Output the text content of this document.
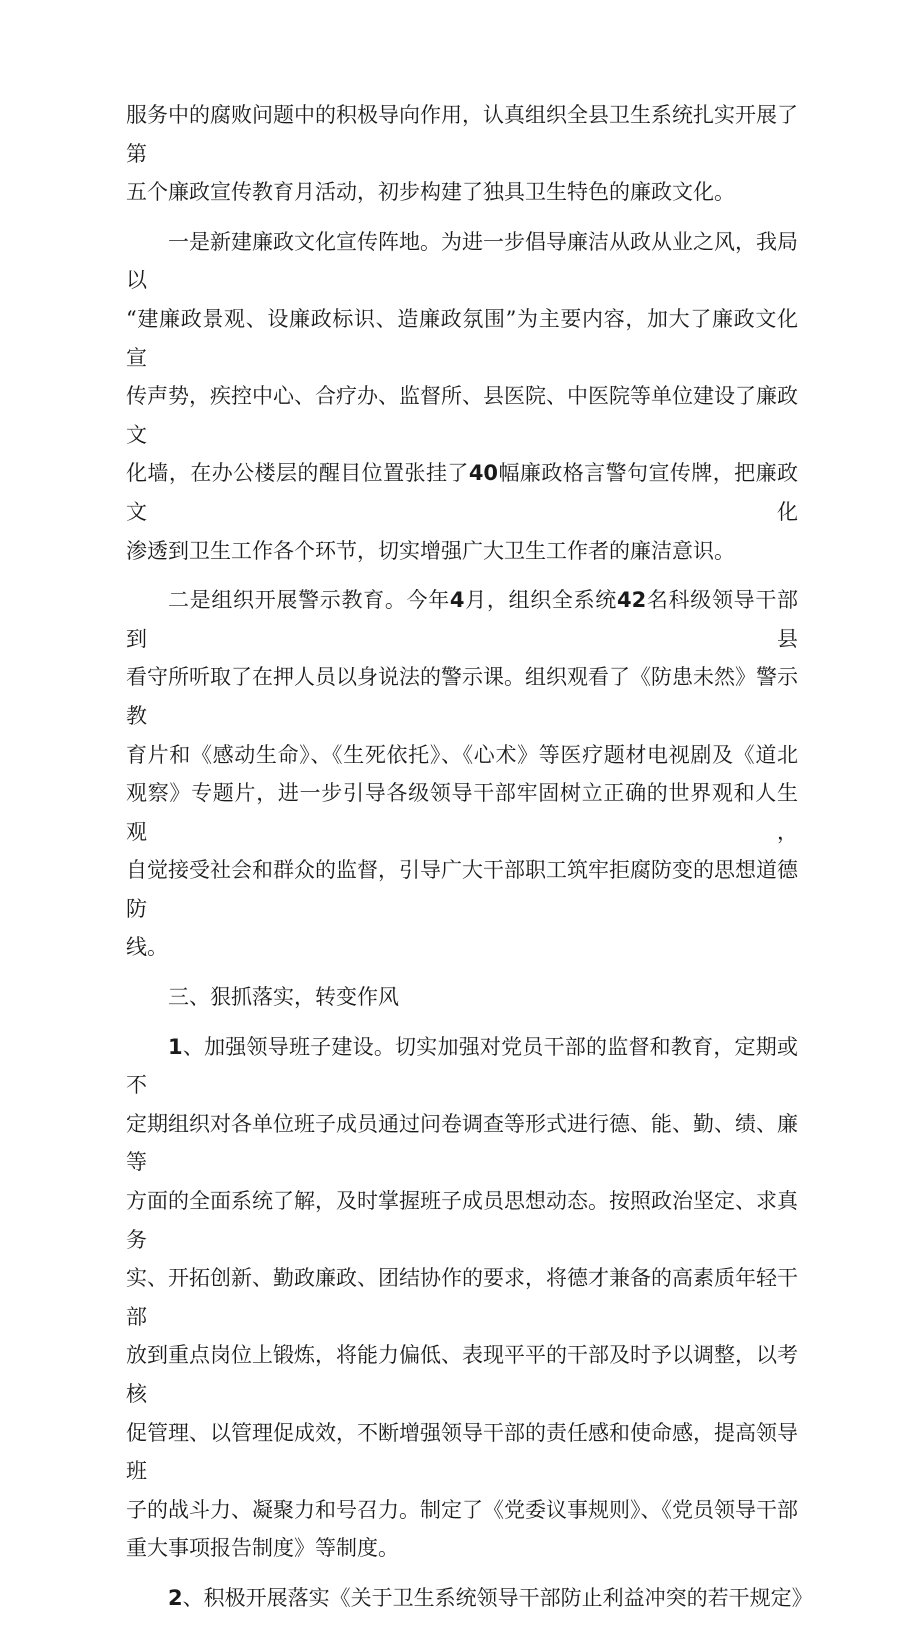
服务中的腐败问题中的积极导向作用，认真组织全县卫生系统扎实开展了第
五个廉政宣传教育月活动，初步构建了独具卫生特色的廉政文化。
一是新建廉政文化宣传阵地。为进一步倡导廉洁从政从业之风，我局以
“建廉政景观、设廉政标识、造廉政氛围”为主要内容，加大了廉政文化宣
传声势，疾控中心、合疗办、监督所、县医院、中医院等单位建设了廉政文
化墙，在办公楼层的醒目位置张挂了40幅廉政格言警句宣传牌，把廉政文化
渗透到卫生工作各个环节，切实增强广大卫生工作者的廉洁意识。
二是组织开展警示教育。今年4月，组织全系统42名科级领导干部到县
看守所听取了在押人员以身说法的警示课。组织观看了《防患未然》警示教
育片和《感动生命》、《生死依托》、《心术》等医疗题材电视剧及《道北
观察》专题片，进一步引导各级领导干部牢固树立正确的世界观和人生观，
自觉接受社会和群众的监督，引导广大干部职工筑牢拒腐防变的思想道德防
线。
三、狠抓落实，转变作风
1、加强领导班子建设。切实加强对党员干部的监督和教育，定期或不
定期组织对各单位班子成员通过问卷调查等形式进行德、能、勤、绩、廉等
方面的全面系统了解，及时掌握班子成员思想动态。按照政治坚定、求真务
实、开拓创新、勤政廉政、团结协作的要求，将德才兼备的高素质年轻干部
放到重点岗位上锻炼，将能力偏低、表现平平的干部及时予以调整，以考核
促管理、以管理促成效，不断增强领导干部的责任感和使命感，提高领导班
子的战斗力、凝聚力和号召力。制定了《党委议事规则》、《党员领导干部
重大事项报告制度》等制度。
2、积极开展落实《关于卫生系统领导干部防止利益冲突的若干规定》
